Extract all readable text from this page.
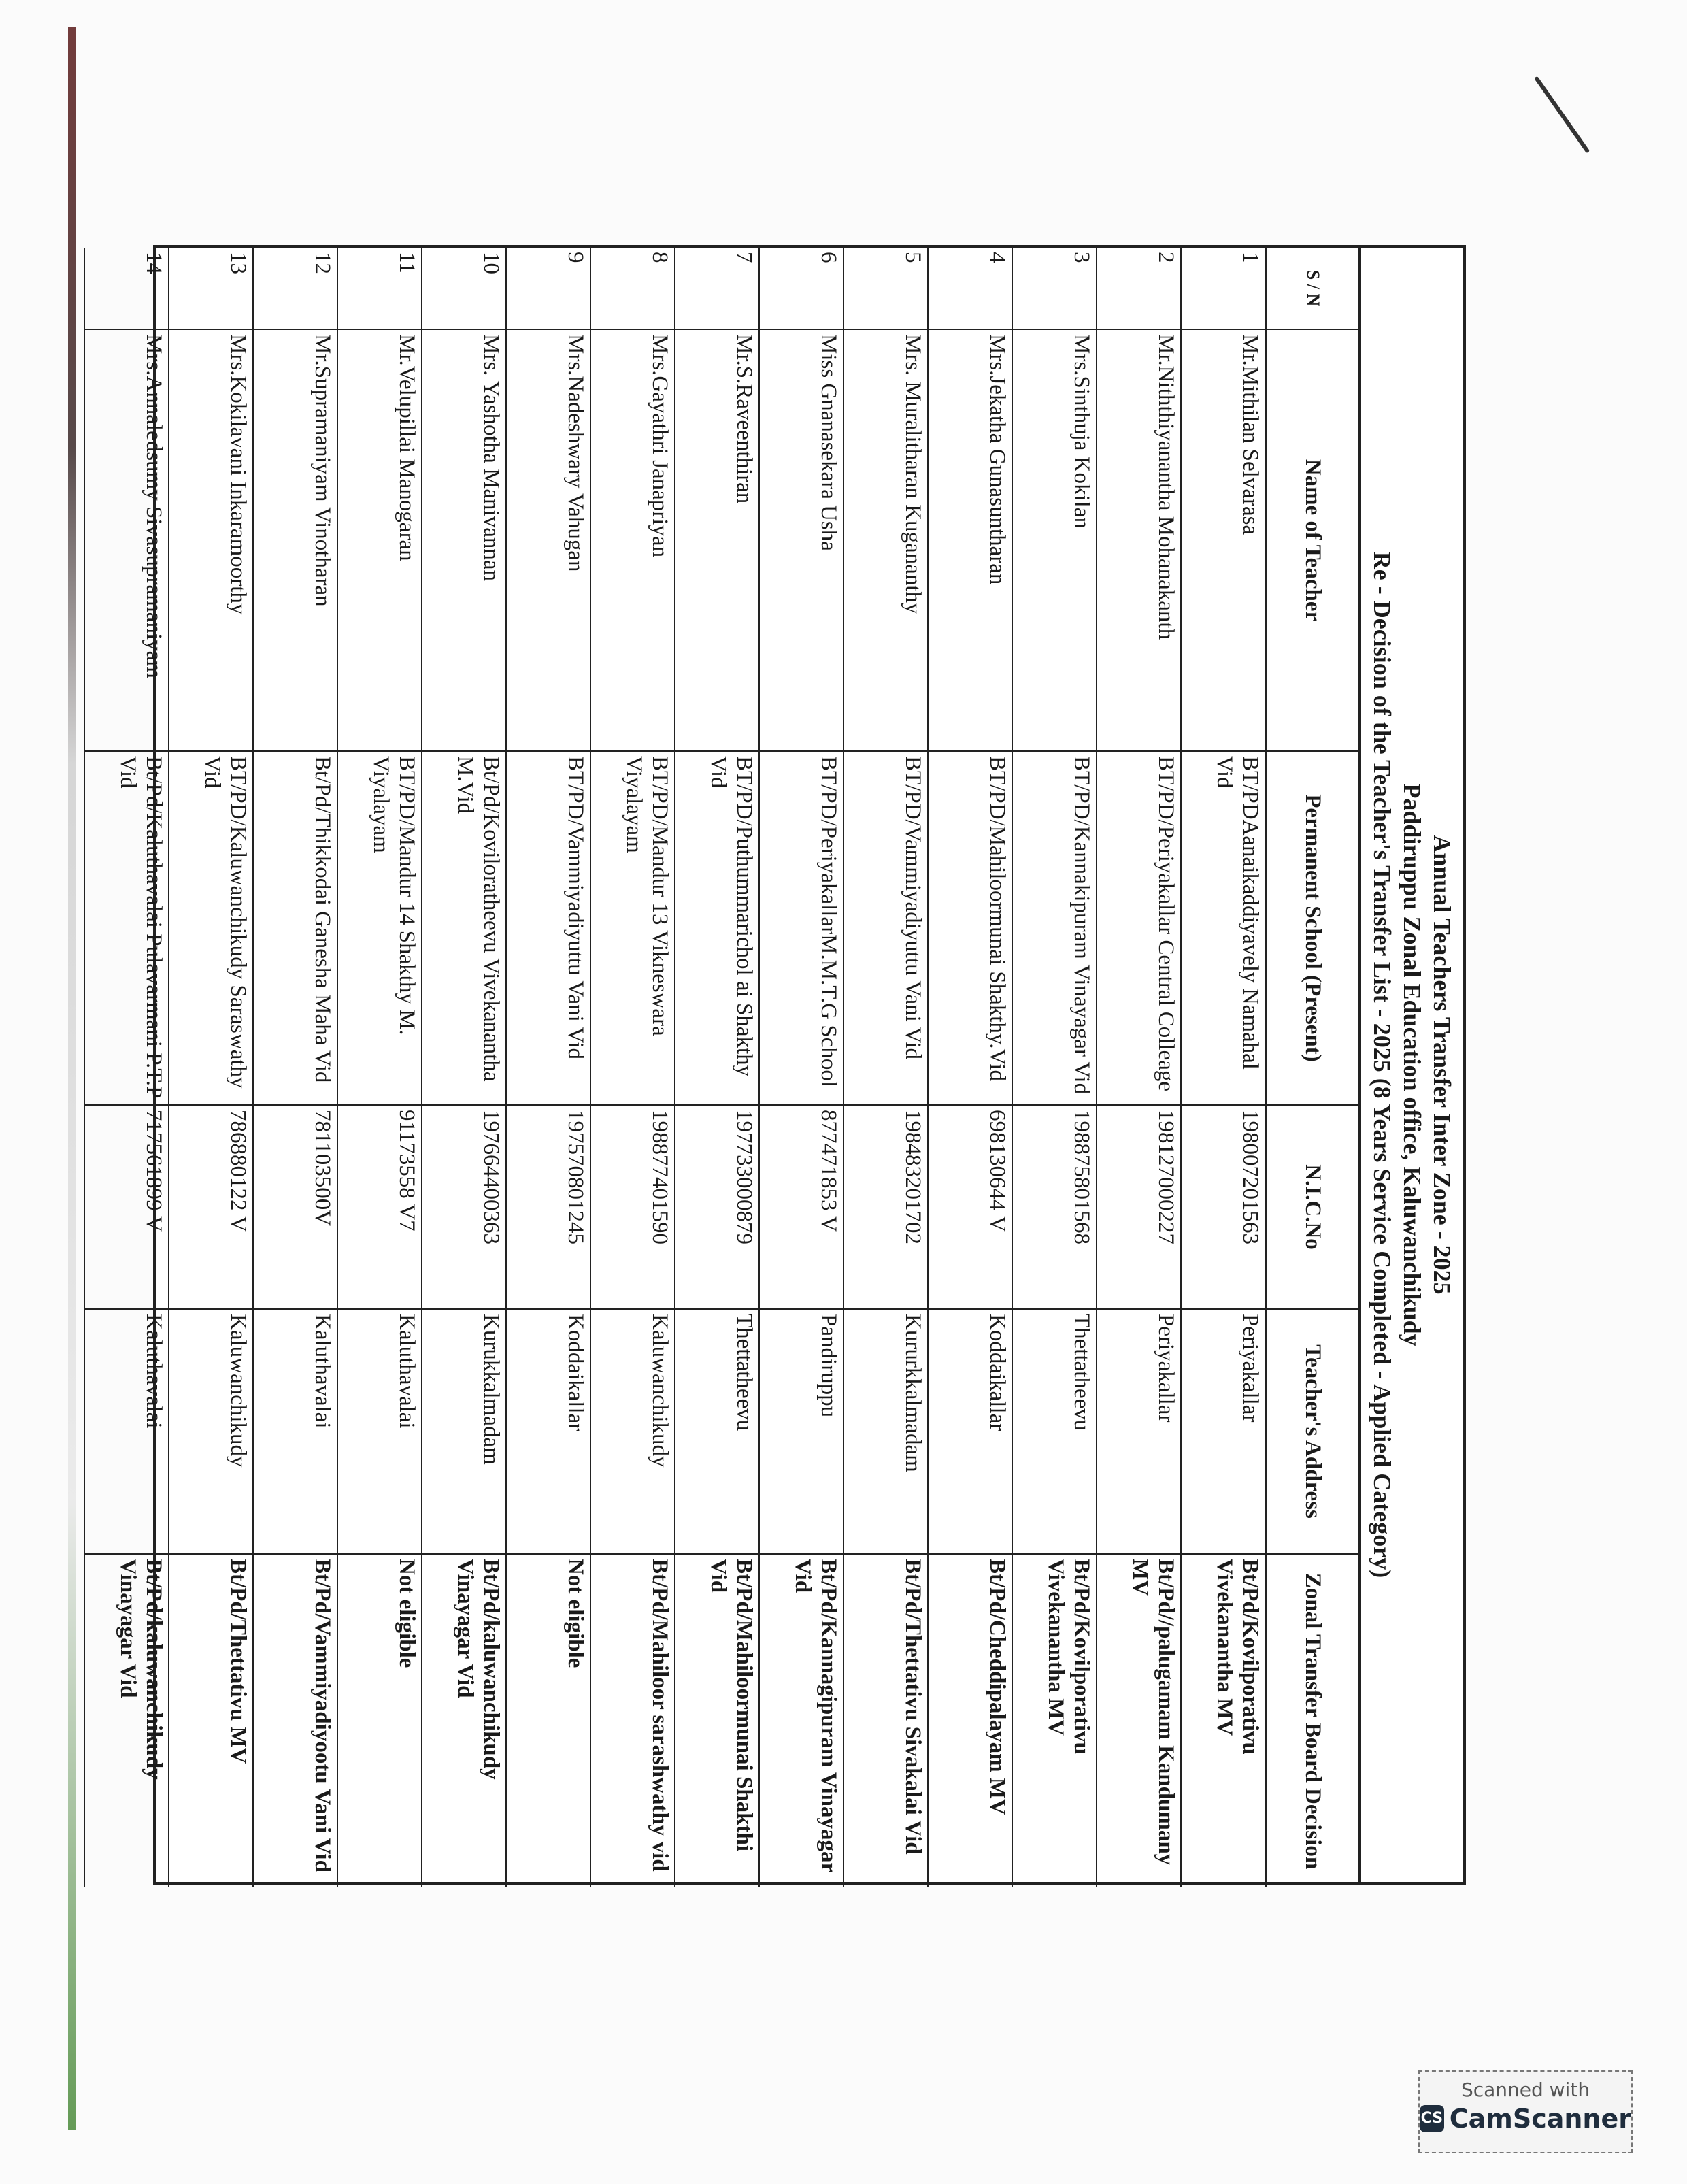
Annual Teachers Transfer Inter Zone - 2025
Paddiruppu Zonal Education office, Kaluwanchikudy
Re - Decision of the Teacher's Transfer List - 2025 (8 Years Service Completed - Applied Category)
S / N	Name of Teacher	Permanent School (Present)	N.I.C.No	Teacher's Address	Zonal Transfer Board Decision
1	Mr.Mithilan Selvarasa	BT/PDAanaikaddiyavely Namahal Vid	198007201563	Periyakallar	Bt/Pd/Kovilporativu Vivekanantha MV
2	Mr.Niththiyanantha Mohanakanth	BT/PD/Periyakallar Central Colleage	198127000227	Periyakallar	Bt/Pd//palugamam Kandumany MV
3	Mrs.Sinthuja Kokilan	BT/PD/Kannakipuram Vinayagar Vid	198875801568	Thettatheevu	Bt/Pd/Kovilporativu Vivekanantha MV
4	Mrs.Jekatha Gunasuntharan	BT/PD/Mahiloormunai Shakthy.Vid	698130644 V	Koddaikallar	Bt/Pd/Cheddipalayam MV
5	Mrs. Muralitharan Kugananthy	BT/PD/Vammiyadiyuttu Vani Vid	198483201702	Kururkkalmadam	Bt/Pd/Thettativu Sivakalai Vid
6	Miss Gnanasekara Usha	BT/PD/PeriyakallarM.M.T.G School	877471853 V	Pandiruppu	Bt/Pd/Kannagipuram Vinayagar Vid
7	Mr.S.Raveenthiran	BT/PD/Puthummarichol ai Shakthy Vid	197733000879	Thettatheevu	Bt/Pd/Mahiloormunai Shakthi Vid
8	Mrs.Gayathri Janapriyan	BT/PD/Mandur 13 Vikneswara Viyalayam	198877401590	Kaluwanchikudy	Bt/Pd/Mahiloor sarashwathy vid
9	Mrs.Nadeshwary Vahugan	BT/PD/Vammiyadiyuttu Vani Vid	197570801245	Koddaikallar	Not eligible
10	Mrs. Yashotha Manivannan	Bt/Pd/Koviloratheevu Vivekanantha M.Vid	197664400363	Kurukkalmadam	Bt/Pd/kaluwanchikudy Vinayagar Vid
11	Mr.Velupillai Manogaran	BT/PD/Mandur 14 Shakthy M. Viyalayam	91173558 V7	Kaluthavalai	Not eligible
12	Mr.Supramaniyam Vinotharan	Bt/Pd/Thikkodai Ganesha Maha Vid	781103500V	Kaluthavalai	Bt/Pd/Vammiyadiyootu Vani Vid
13	Mrs.Kokilavani Inkaramoorthy	BT/PD/Kaluwanchikudy Saraswathy Vid	786880122 V	Kaluwanchikudy	Bt/Pd/Thettativu MV
14	Mrs.Annaledsumy Sivasupramaniyam	Bt/Pd/Kaluthavalai Pulavarmani P.T.P Vid	717561899 V	Kaluthavalai	Bt/Pd/kaluwanchikudy Vinayagar Vid
Scanned with
CS CamScanner
